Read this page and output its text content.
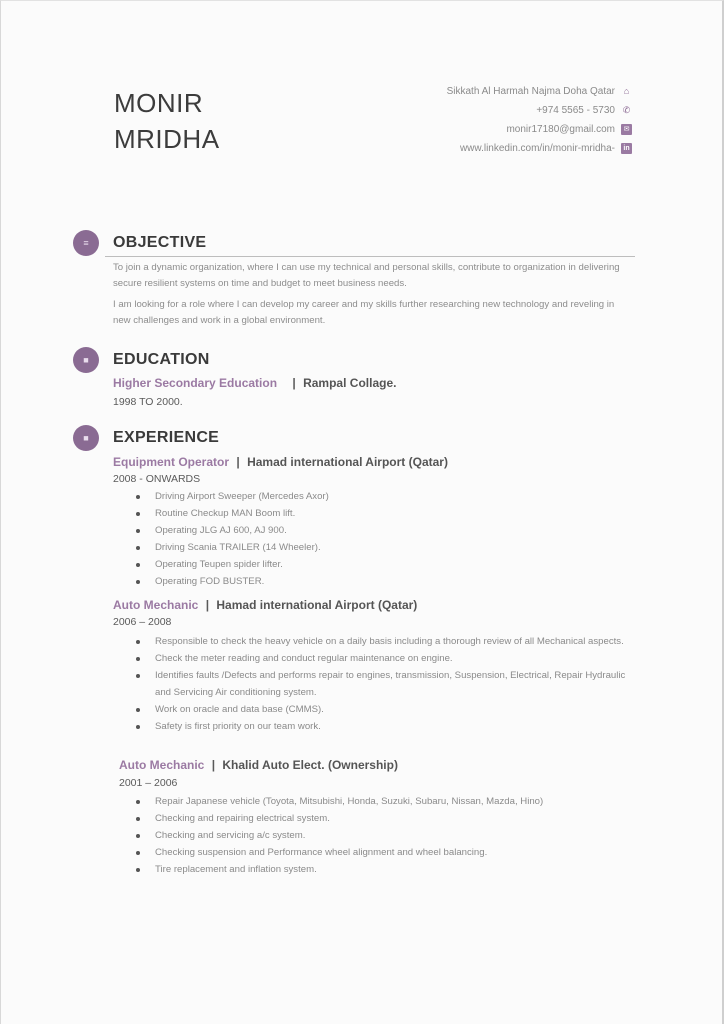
MONIR
MRIDHA
Sikkath Al Harmah Najma Doha Qatar ⌂
+974 5565 - 5730 ✆
monir17180@gmail.com	✉
www.linkedin.com/in/monir-mridha-	in
≡	OBJECTIVE
To join a dynamic organization, where I can use my technical and personal skills, contribute to organization in delivering secure resilient systems on time and budget to meet business needs.
I am looking for a role where I can develop my career and my skills further researching new technology and reveling in new challenges and work in a global environment.
■	EDUCATION
Higher Secondary Education | Rampal Collage.
1998 TO 2000.
■	EXPERIENCE
Equipment Operator | Hamad international Airport (Qatar)
2008 - ONWARDS
Driving Airport Sweeper (Mercedes Axor)
Routine Checkup MAN Boom lift.
Operating JLG AJ 600, AJ 900.
Driving Scania TRAILER (14 Wheeler).
Operating Teupen spider lifter.
Operating FOD BUSTER.
Auto Mechanic | Hamad international Airport (Qatar)
2006 – 2008
Responsible to check the heavy vehicle on a daily basis including a thorough review of all Mechanical aspects.
Check the meter reading and conduct regular maintenance on engine.
Identifies faults /Defects and performs repair to engines, transmission, Suspension, Electrical, Repair Hydraulic and Servicing Air conditioning system.
Work on oracle and data base (CMMS).
Safety is first priority on our team work.
Auto Mechanic | Khalid Auto Elect. (Ownership)
2001 – 2006
Repair Japanese vehicle (Toyota, Mitsubishi, Honda, Suzuki, Subaru, Nissan, Mazda, Hino)
Checking and repairing electrical system.
Checking and servicing a/c system.
Checking suspension and Performance wheel alignment and wheel balancing.
Tire replacement and inflation system.
